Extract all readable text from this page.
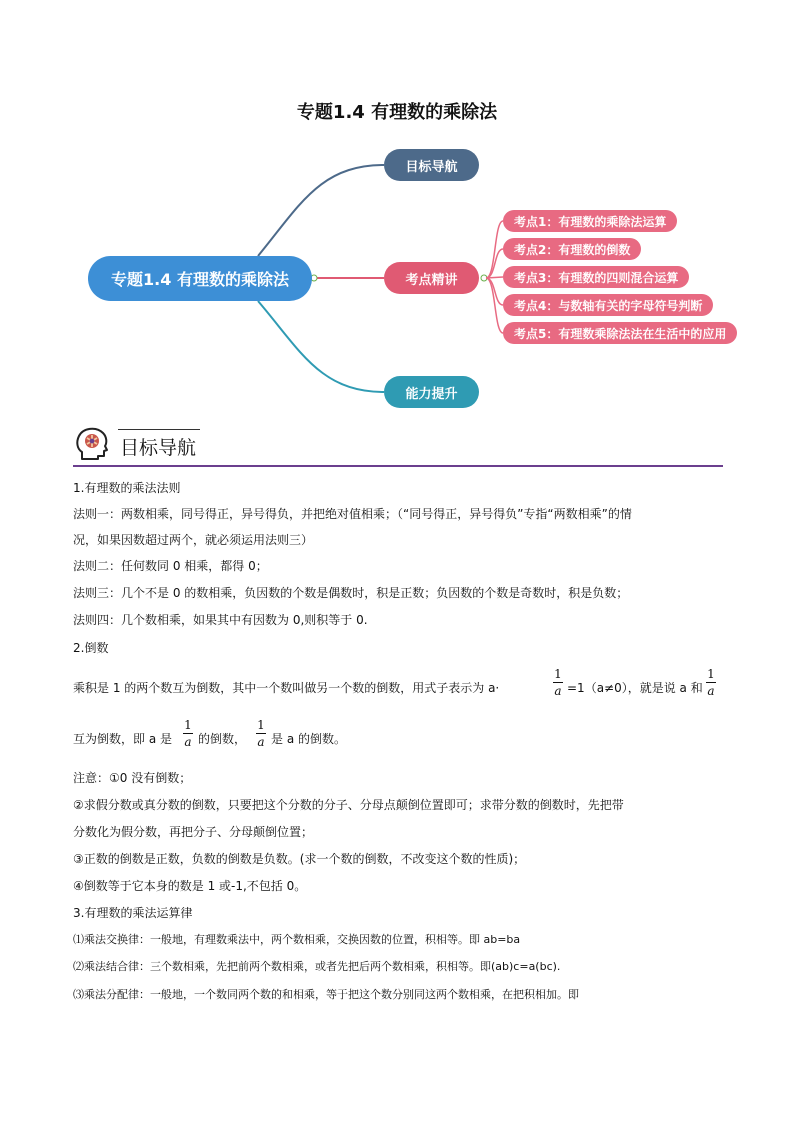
专题1.4 有理数的乘除法
专题1.4 有理数的乘除法
目标导航
考点精讲
能力提升
考点1：有理数的乘除法运算
考点2：有理数的倒数
考点3：有理数的四则混合运算
考点4：与数轴有关的字母符号判断
考点5：有理数乘除法法在生活中的应用
目标导航
1.有理数的乘法法则
法则一：两数相乘，同号得正，异号得负，并把绝对值相乘；（“同号得正，异号得负”专指“两数相乘”的情
况，如果因数超过两个，就必须运用法则三）
法则二：任何数同 0 相乘，都得 0；
法则三：几个不是 0 的数相乘，负因数的个数是偶数时，积是正数；负因数的个数是奇数时，积是负数；
法则四：几个数相乘，如果其中有因数为 0,则积等于 0.
2.倒数
乘积是 1 的两个数互为倒数，其中一个数叫做另一个数的倒数，用式子表示为 a·
1
a =1（a≠0），就是说 a 和
1
a
互为倒数，即 a 是
1
a 的倒数，
1
a 是 a 的倒数。
注意：①0 没有倒数；
②求假分数或真分数的倒数，只要把这个分数的分子、分母点颠倒位置即可；求带分数的倒数时，先把带
分数化为假分数，再把分子、分母颠倒位置；
③正数的倒数是正数，负数的倒数是负数。(求一个数的倒数，不改变这个数的性质)；
④倒数等于它本身的数是 1 或-1,不包括 0。
3.有理数的乘法运算律
⑴乘法交换律：一般地，有理数乘法中，两个数相乘，交换因数的位置，积相等。即 ab=ba
⑵乘法结合律：三个数相乘，先把前两个数相乘，或者先把后两个数相乘，积相等。即(ab)c=a(bc).
⑶乘法分配律：一般地，一个数同两个数的和相乘，等于把这个数分别同这两个数相乘，在把积相加。即
